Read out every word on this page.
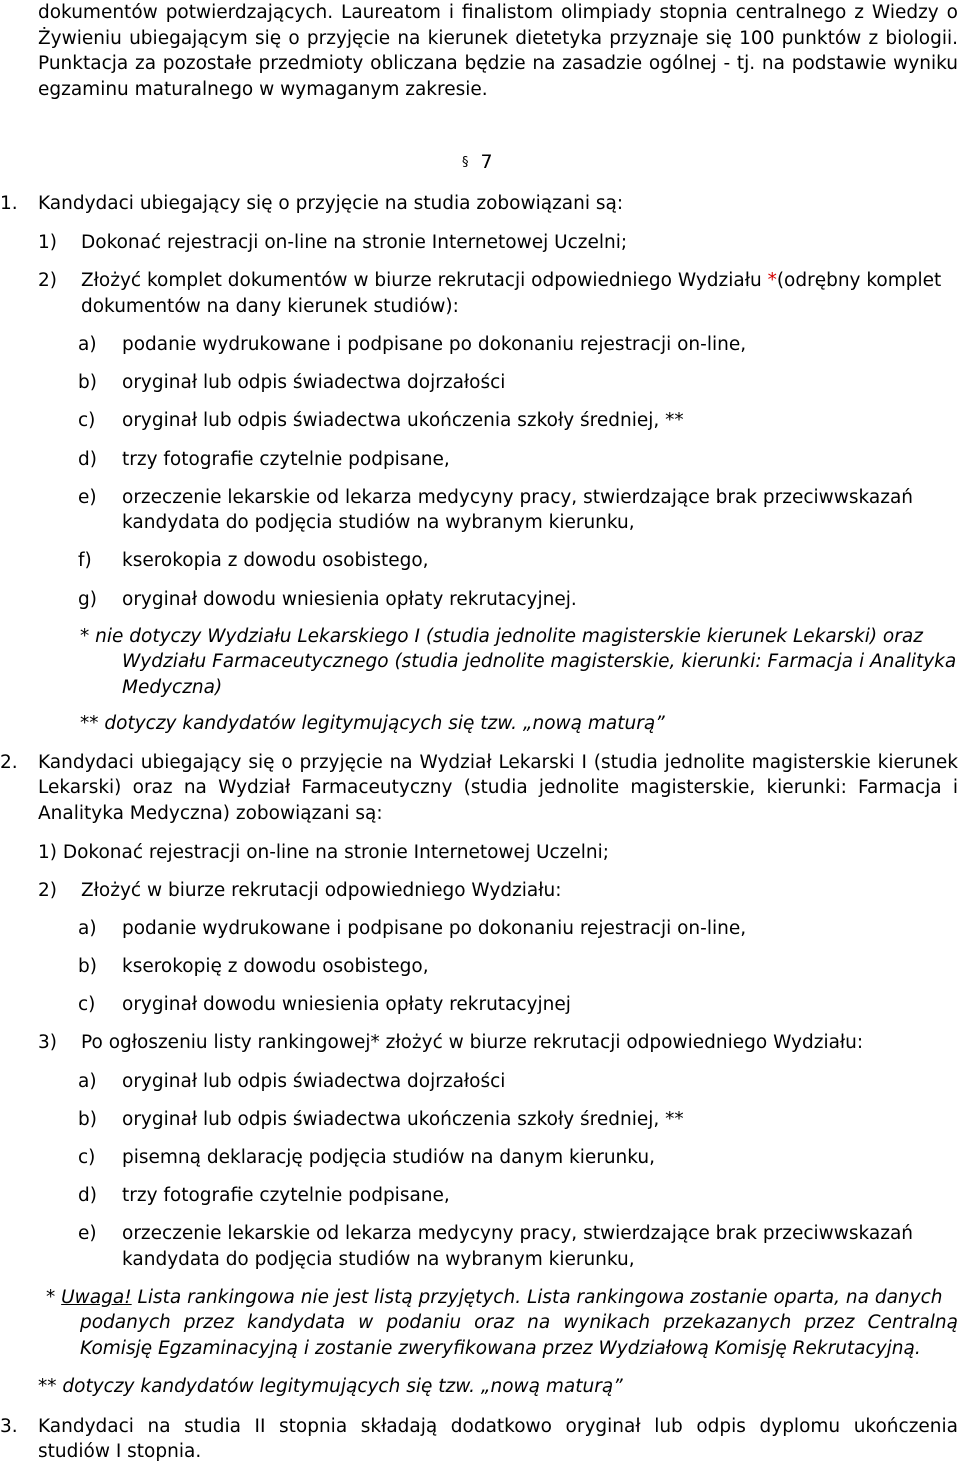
dokumentów potwierdzających. Laureatom i finalistom olimpiady stopnia centralnego z Wiedzy o
Żywieniu ubiegającym się o przyjęcie na kierunek dietetyka przyznaje się 100 punktów z biologii.
Punktacja za pozostałe przedmioty obliczana będzie na zasadzie ogólnej - tj. na podstawie wyniku
egzaminu maturalnego w wymaganym zakresie.
§ 7
1. Kandydaci ubiegający się o przyjęcie na studia zobowiązani są:
1) Dokonać rejestracji on-line na stronie Internetowej Uczelni;
2) Złożyć komplet dokumentów w biurze rekrutacji odpowiedniego Wydziału *(odrębny komplet
dokumentów na dany kierunek studiów):
a) podanie wydrukowane i podpisane po dokonaniu rejestracji on-line,
b) oryginał lub odpis świadectwa dojrzałości
c) oryginał lub odpis świadectwa ukończenia szkoły średniej, **
d) trzy fotografie czytelnie podpisane,
e) orzeczenie lekarskie od lekarza medycyny pracy, stwierdzające brak przeciwwskazań
kandydata do podjęcia studiów na wybranym kierunku,
f) kserokopia z dowodu osobistego,
g) oryginał dowodu wniesienia opłaty rekrutacyjnej.
* nie dotyczy Wydziału Lekarskiego I (studia jednolite magisterskie kierunek Lekarski) oraz
Wydziału Farmaceutycznego (studia jednolite magisterskie, kierunki: Farmacja i Analityka
Medyczna)
** dotyczy kandydatów legitymujących się tzw. „nową maturą”
2.	Kandydaci ubiegający się o przyjęcie na Wydział Lekarski I (studia jednolite magisterskie kierunek
Lekarski) oraz na Wydział Farmaceutyczny (studia jednolite magisterskie, kierunki: Farmacja i
Analityka Medyczna) zobowiązani są:
1) Dokonać rejestracji on-line na stronie Internetowej Uczelni;
2) Złożyć w biurze rekrutacji odpowiedniego Wydziału:
a) podanie wydrukowane i podpisane po dokonaniu rejestracji on-line,
b) kserokopię z dowodu osobistego,
c) oryginał dowodu wniesienia opłaty rekrutacyjnej
3) Po ogłoszeniu listy rankingowej* złożyć w biurze rekrutacji odpowiedniego Wydziału:
a) oryginał lub odpis świadectwa dojrzałości
b) oryginał lub odpis świadectwa ukończenia szkoły średniej, **
c) pisemną deklarację podjęcia studiów na danym kierunku,
d) trzy fotografie czytelnie podpisane,
e) orzeczenie lekarskie od lekarza medycyny pracy, stwierdzające brak przeciwwskazań
kandydata do podjęcia studiów na wybranym kierunku,
* Uwaga! Lista rankingowa nie jest listą przyjętych. Lista rankingowa zostanie oparta, na danych
podanych przez kandydata w podaniu oraz na wynikach przekazanych przez Centralną
Komisję Egzaminacyjną i zostanie zweryfikowana przez Wydziałową Komisję Rekrutacyjną.
** dotyczy kandydatów legitymujących się tzw. „nową maturą”
3.	Kandydaci na studia II stopnia składają dodatkowo oryginał lub odpis dyplomu ukończenia
studiów I stopnia.
